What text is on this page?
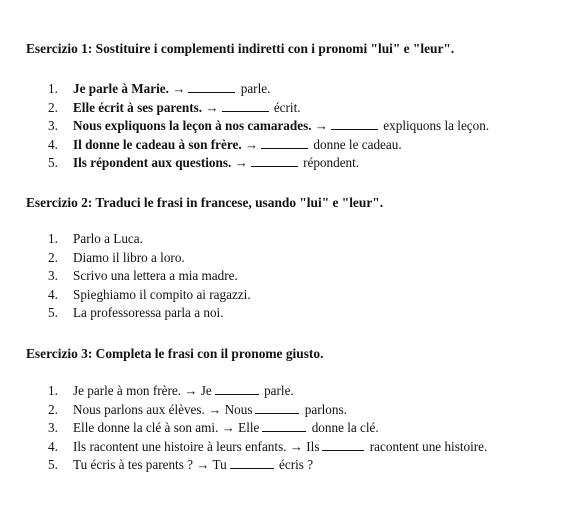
Esercizio 1: Sostituire i complementi indiretti con i pronomi "lui" e "leur".
1. Je parle à Marie. →	parle.
2. Elle écrit à ses parents. →	écrit.
3. Nous expliquons la leçon à nos camarades. →	expliquons la leçon.
4. Il donne le cadeau à son frère. →	donne le cadeau.
5. Ils répondent aux questions. →	répondent.
Esercizio 2: Traduci le frasi in francese, usando "lui" e "leur".
1. Parlo a Luca.
2. Diamo il libro a loro.
3. Scrivo una lettera a mia madre.
4. Spieghiamo il compito ai ragazzi.
5. La professoressa parla a noi.
Esercizio 3: Completa le frasi con il pronome giusto.
1. Je parle à mon frère. → Je	parle.
2. Nous parlons aux élèves. → Nous	parlons.
3. Elle donne la clé à son ami. → Elle	donne la clé.
4. Ils racontent une histoire à leurs enfants. → Ils	racontent une histoire.
5. Tu écris à tes parents ? → Tu	écris ?
